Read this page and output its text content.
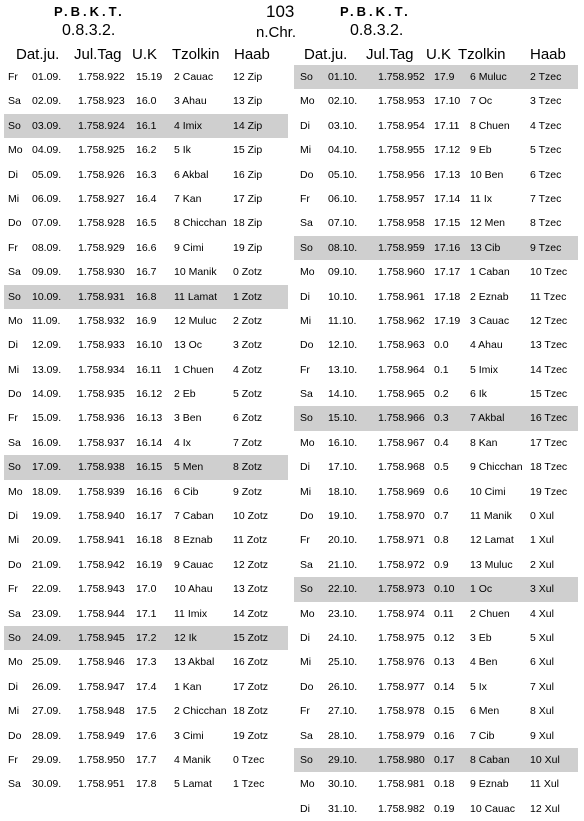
P.B.K.T.
0.8.3.2.
103
n.Chr.
P.B.K.T.
0.8.3.2.
Dat.ju. Jul.Tag U.K Tzolkin Haab
Fr 01.09. 1.758.922 15.19 2 Cauac 12 Zip
Sa 02.09. 1.758.923 16.0 3 Ahau	13 Zip
So 03.09. 1.758.924 16.1 4 Imix	14 Zip
Mo 04.09. 1.758.925 16.2 5 Ik	15 Zip
Di 05.09. 1.758.926 16.3 6 Akbal 16 Zip
Mi 06.09. 1.758.927 16.4 7 Kan	17 Zip
Do 07.09. 1.758.928 16.5 8 Chicchan 18 Zip
Fr 08.09. 1.758.929 16.6 9 Cimi	19 Zip
Sa 09.09. 1.758.930 16.7 10 Manik 0 Zotz
So 10.09. 1.758.931 16.8 11 Lamat 1 Zotz
Mo 11.09. 1.758.932 16.9 12 Muluc 2 Zotz
Di 12.09. 1.758.933 16.10 13 Oc	3 Zotz
Mi 13.09. 1.758.934 16.11 1 Chuen 4 Zotz
Do 14.09. 1.758.935 16.12 2 Eb	5 Zotz
Fr 15.09. 1.758.936 16.13 3 Ben	6 Zotz
Sa 16.09. 1.758.937 16.14 4 Ix	7 Zotz
So 17.09. 1.758.938 16.15 5 Men	8 Zotz
Mo 18.09. 1.758.939 16.16 6 Cib	9 Zotz
Di 19.09. 1.758.940 16.17 7 Caban 10 Zotz
Mi 20.09. 1.758.941 16.18 8 Eznab 11 Zotz
Do 21.09. 1.758.942 16.19 9 Cauac 12 Zotz
Fr 22.09. 1.758.943 17.0 10 Ahau 13 Zotz
Sa 23.09. 1.758.944 17.1 11 Imix 14 Zotz
So 24.09. 1.758.945 17.2 12 Ik	15 Zotz
Mo 25.09. 1.758.946 17.3 13 Akbal 16 Zotz
Di 26.09. 1.758.947 17.4 1 Kan	17 Zotz
Mi 27.09. 1.758.948 17.5 2 Chicchan 18 Zotz
Do 28.09. 1.758.949 17.6 3 Cimi	19 Zotz
Fr 29.09. 1.758.950 17.7 4 Manik 0 Tzec
Sa 30.09. 1.758.951 17.8 5 Lamat 1 Tzec
Dat.ju. Jul.Tag U.K Tzolkin Haab
So 01.10. 1.758.952 17.9 6 Muluc 2 Tzec
Mo 02.10. 1.758.953 17.10 7 Oc	3 Tzec
Di 03.10. 1.758.954 17.11 8 Chuen 4 Tzec
Mi 04.10. 1.758.955 17.12 9 Eb	5 Tzec
Do 05.10. 1.758.956 17.13 10 Ben	6 Tzec
Fr 06.10. 1.758.957 17.14 11 Ix	7 Tzec
Sa 07.10. 1.758.958 17.15 12 Men 8 Tzec
So 08.10. 1.758.959 17.16 13 Cib	9 Tzec
Mo 09.10. 1.758.960 17.17 1 Caban 10 Tzec
Di 10.10. 1.758.961 17.18 2 Eznab 11 Tzec
Mi 11.10. 1.758.962 17.19 3 Cauac 12 Tzec
Do 12.10. 1.758.963 0.0 4 Ahau	13 Tzec
Fr 13.10. 1.758.964 0.1 5 Imix	14 Tzec
Sa 14.10. 1.758.965 0.2 6 Ik	15 Tzec
So 15.10. 1.758.966 0.3 7 Akbal 16 Tzec
Mo 16.10. 1.758.967 0.4 8 Kan	17 Tzec
Di 17.10. 1.758.968 0.5 9 Chicchan 18 Tzec
Mi 18.10. 1.758.969 0.6 10 Cimi 19 Tzec
Do 19.10. 1.758.970 0.7 11 Manik 0 Xul
Fr 20.10. 1.758.971 0.8 12 Lamat 1 Xul
Sa 21.10. 1.758.972 0.9 13 Muluc 2 Xul
So 22.10. 1.758.973 0.10 1 Oc	3 Xul
Mo 23.10. 1.758.974 0.11 2 Chuen 4 Xul
Di 24.10. 1.758.975 0.12 3 Eb	5 Xul
Mi 25.10. 1.758.976 0.13 4 Ben	6 Xul
Do 26.10. 1.758.977 0.14 5 Ix	7 Xul
Fr 27.10. 1.758.978 0.15 6 Men	8 Xul
Sa 28.10. 1.758.979 0.16 7 Cib	9 Xul
So 29.10. 1.758.980 0.17 8 Caban 10 Xul
Mo 30.10. 1.758.981 0.18 9 Eznab 11 Xul
Di 31.10. 1.758.982 0.19 10 Cauac 12 Xul
